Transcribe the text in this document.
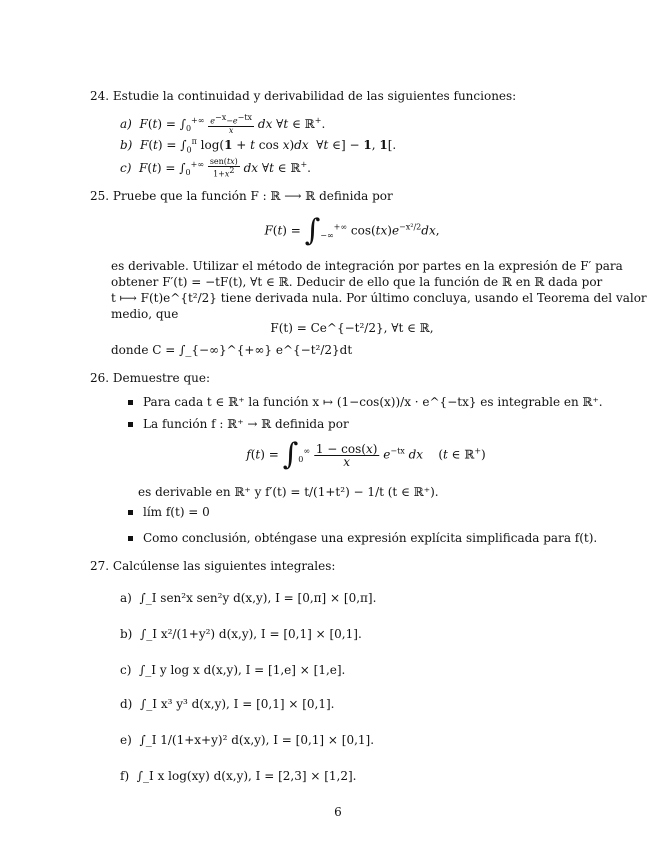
24. Estudie la continuidad y derivabilidad de las siguientes funciones:
a) $F(t) = \int_0^{+\infty} \frac{e^{-x}-e^{-tx}}{x}$ dx ∀t ∈ ℝ+.
b) $F(t) = \int_0^\pi$ log(1 + t cos x)dx  ∀t ∈] − 1, 1[.
c) $F(t) = \int_0^{+\infty} \frac{\text{sen(tx)}}{1+x^2}$ dx ∀t ∈ ℝ+.
25. Pruebe que la función F : ℝ ⟶ ℝ definida por
$F(t) = \int_{-\infty}^{+\infty}$ $\cos(tx)e^{-x^2/2}dx$,
es derivable. Utilizar el método de integración por partes en la expresión de F′ para
obtener F′(t) = −tF(t), ∀t ∈ ℝ. Deducir de ello que la función de ℝ en ℝ dada por
t ⟼ F(t)e^{t²/2} tiene derivada nula. Por último concluya, usando el Teorema del valor
medio, que
F(t) = Ce^{−t²/2}, ∀t ∈ ℝ,
donde C = ∫_{−∞}^{+∞} e^{−t²/2}dt
26. Demuestre que:
Para cada t ∈ ℝ⁺ la función x ↦ (1−cos(x))/x · e^{−tx} es integrable en ℝ⁺.
La función f : ℝ⁺ → ℝ definida por
$f(t) = \int_0^\infty \frac{1 - \cos(x)}{x} e^{-tx}$ dx    (t ∈ ℝ+)
es derivable en ℝ⁺ y f′(t) = t/(1+t²) − 1/t (t ∈ ℝ⁺).
lím f(t) = 0
Como conclusión, obténgase una expresión explícita simplificada para f(t).
27. Calcúlense las siguientes integrales:
a) ∫_I sen²x sen²y d(x,y), I = [0,π] × [0,π].
b) ∫_I x²/(1+y²) d(x,y), I = [0,1] × [0,1].
c) ∫_I y log x d(x,y), I = [1,e] × [1,e].
d) ∫_I x³ y³ d(x,y), I = [0,1] × [0,1].
e) ∫_I 1/(1+x+y)² d(x,y), I = [0,1] × [0,1].
f) ∫_I x log(xy) d(x,y), I = [2,3] × [1,2].
6
